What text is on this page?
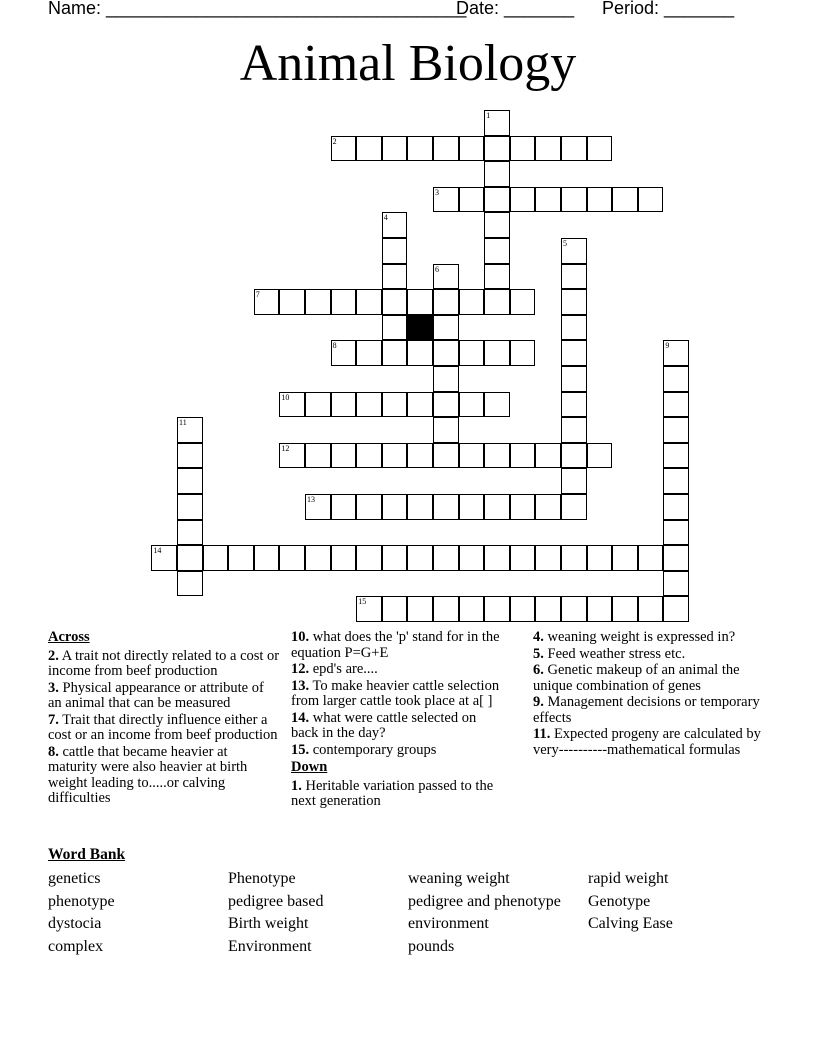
Name: ____________________________________Date: _______ Period: _______
Animal Biology
1
2
3
4
5
6
7
8	9
10
11
12
13
14
15
Across
2. A trait not directly related to a cost or income from beef production
3. Physical appearance or attribute of an animal that can be measured
7. Trait that directly influence either a cost or an income from beef production
8. cattle that became heavier at maturity were also heavier at birth weight leading to.....or calving difficulties
10. what does the 'p' stand for in the equation P=G+E
12. epd's are....
13. To make heavier cattle selection from larger cattle took place at a[ ]
14. what were cattle selected on back in the day?
15. contemporary groups
Down
1. Heritable variation passed to the next generation
4. weaning weight is expressed in?
5. Feed weather stress etc.
6. Genetic makeup of an animal the unique combination of genes
9. Management decisions or temporary effects
11. Expected progeny are calculated by very----------mathematical formulas
Word Bank
genetics	Phenotype	weaning weight	rapid weight
phenotype	pedigree based	pedigree and phenotype	Genotype
dystocia	Birth weight	environment	Calving Ease
complex	Environment	pounds
